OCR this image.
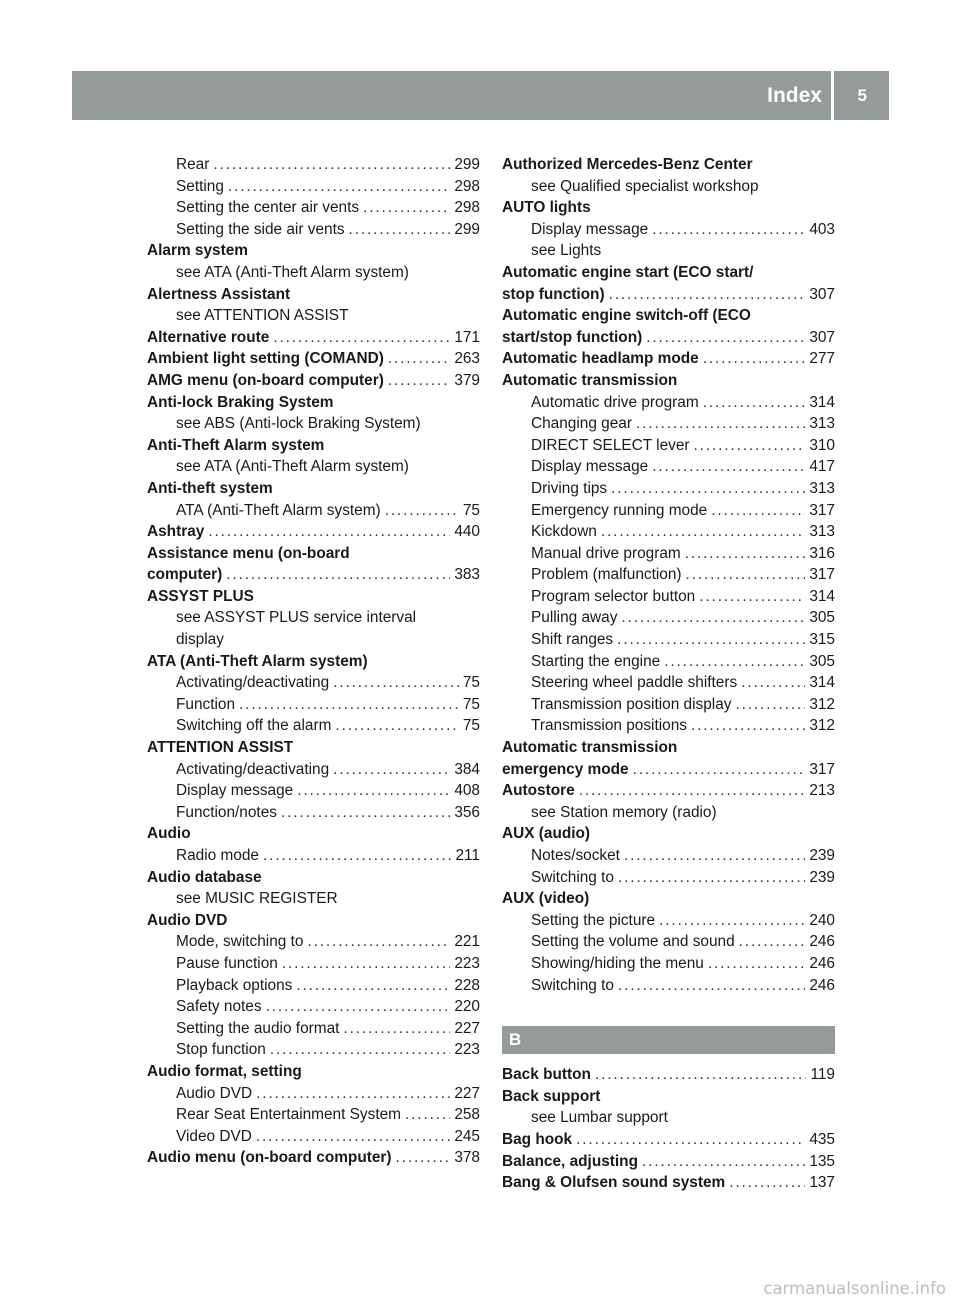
Index 5
Rear . . .	299
Setting . . .	298
Setting the center air vents . . .	298
Setting the side air vents . . .	299
Alarm system
see ATA (Anti-Theft Alarm system)
Alertness Assistant
see ATTENTION ASSIST
Alternative route . . .	171
Ambient light setting (COMAND) . . .	263
AMG menu (on-board computer) . . .	379
Anti-lock Braking System
see ABS (Anti-lock Braking System)
Anti-Theft Alarm system
see ATA (Anti-Theft Alarm system)
Anti-theft system
ATA (Anti-Theft Alarm system) . . .	75
Ashtray . . .	440
Assistance menu (on-board
computer) . . .	383
ASSYST PLUS
see ASSYST PLUS service interval
display
ATA (Anti-Theft Alarm system)
Activating/deactivating . . .	75
Function . . .	75
Switching off the alarm . . .	75
ATTENTION ASSIST
Activating/deactivating . . .	384
Display message . . .	408
Function/notes . . .	356
Audio
Radio mode . . .	211
Audio database
see MUSIC REGISTER
Audio DVD
Mode, switching to . . .	221
Pause function . . .	223
Playback options . . .	228
Safety notes . . .	220
Setting the audio format . . .	227
Stop function . . .	223
Audio format, setting
Audio DVD . . .	227
Rear Seat Entertainment System . . .	258
Video DVD . . .	245
Audio menu (on-board computer) . . .	378
Authorized Mercedes-Benz Center
see Qualified specialist workshop
AUTO lights
Display message . . .	403
see Lights
Automatic engine start (ECO start/
stop function) . . .	307
Automatic engine switch-off (ECO
start/stop function) . . .	307
Automatic headlamp mode . . .	277
Automatic transmission
Automatic drive program . . .	314
Changing gear . . .	313
DIRECT SELECT lever . . .	310
Display message . . .	417
Driving tips . . .	313
Emergency running mode . . .	317
Kickdown . . .	313
Manual drive program . . .	316
Problem (malfunction) . . .	317
Program selector button . . .	314
Pulling away . . .	305
Shift ranges . . .	315
Starting the engine . . .	305
Steering wheel paddle shifters . . .	314
Transmission position display . . .	312
Transmission positions . . .	312
Automatic transmission
emergency mode . . .	317
Autostore . . .	213
see Station memory (radio)
AUX (audio)
Notes/socket . . .	239
Switching to . . .	239
AUX (video)
Setting the picture . . .	240
Setting the volume and sound . . .	246
Showing/hiding the menu . . .	246
Switching to . . .	246
B
Back button . . .	119
Back support
see Lumbar support
Bag hook . . .	435
Balance, adjusting . . .	135
Bang & Olufsen sound system . . .	137
carmanualsonline.info
